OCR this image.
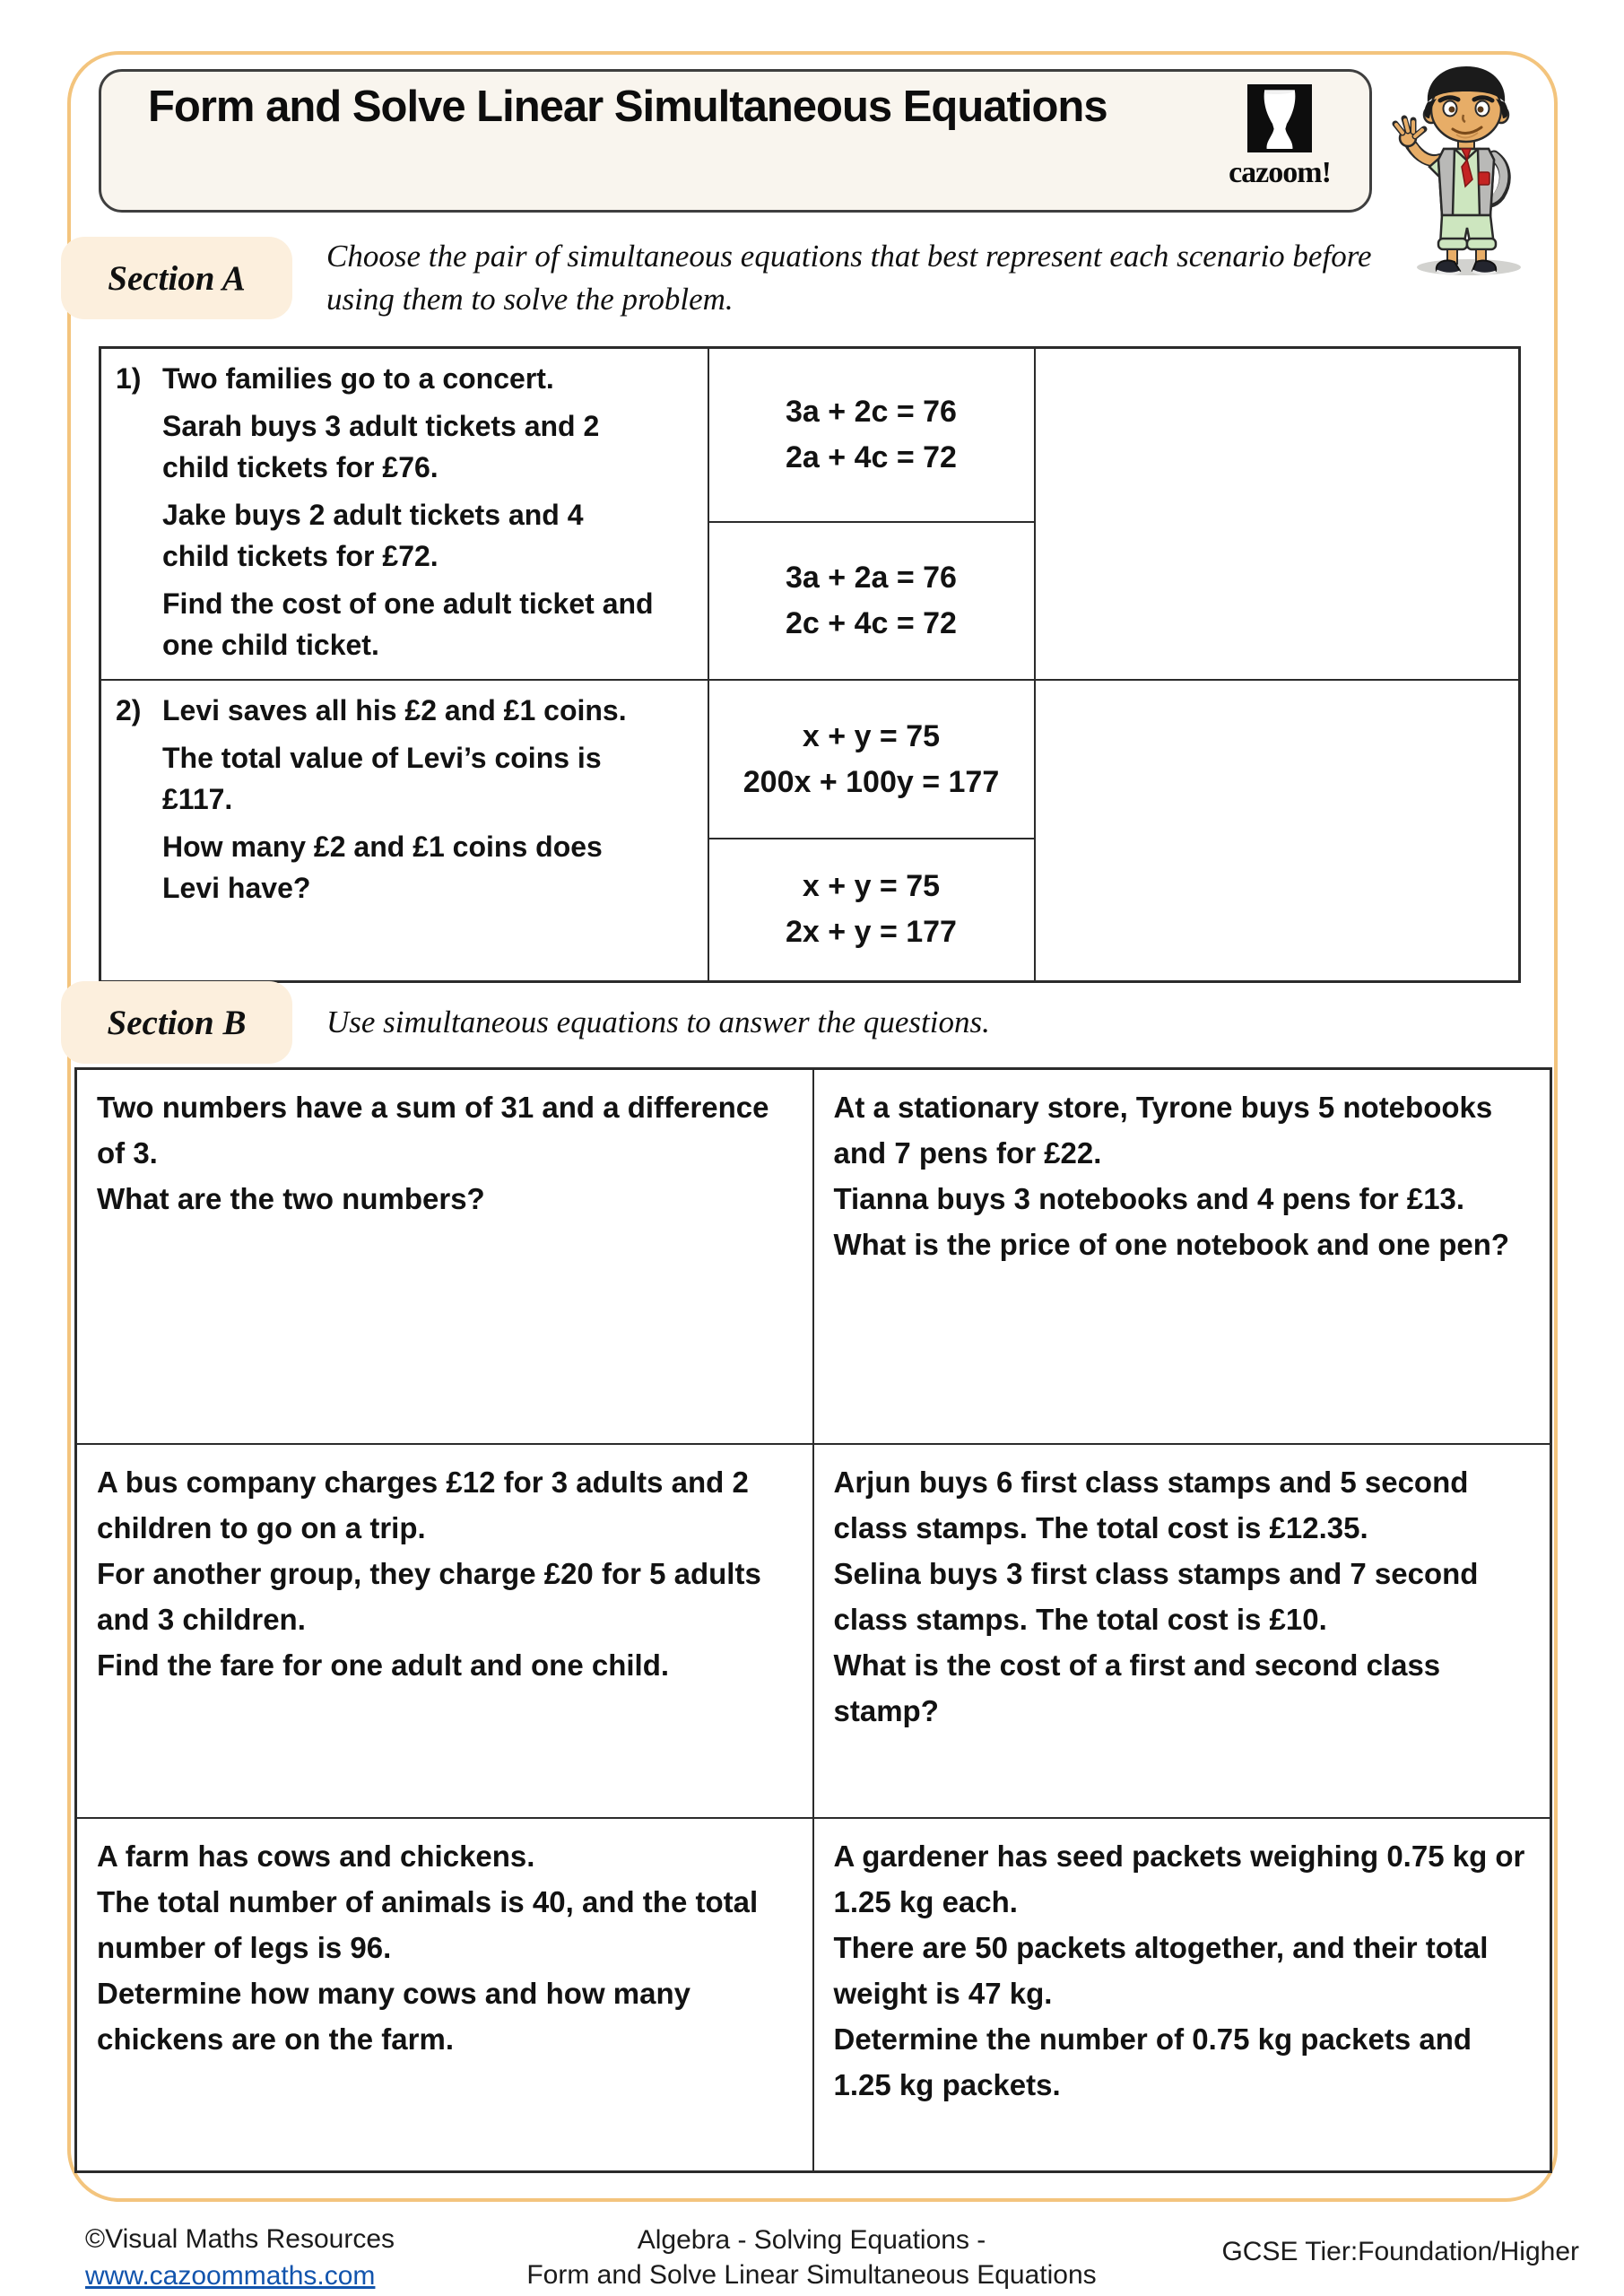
Form and Solve Linear Simultaneous Equations
cazoom!
Section A
Choose the pair of simultaneous equations that best represent each scenario before using them to solve the problem.
1) Two families go to a concert.
Sarah buys 3 adult tickets and 2 child tickets for £76.
Jake buys 2 adult tickets and 4 child tickets for £72.
Find the cost of one adult ticket and one child ticket.

3a + 2c = 76
2a + 4c = 72

	3a + 2a = 76
2c + 4c = 72	

2) Levi saves all his £2 and £1 coins.
The total value of Levi’s coins is £117.
How many £2 and £1 coins does Levi have?

x + y = 75
200x + 100y = 177

	x + y = 75
2x + y = 177	
Section B	Use simultaneous equations to answer the questions.
Two numbers have a sum of 31 and a difference of 3.
What are the two numbers?

At a stationary store, Tyrone buys 5 notebooks and 7 pens for £22.
Tianna buys 3 notebooks and 4 pens for £13.
What is the price of one notebook and one pen?

A bus company charges £12 for 3 adults and 2 children to go on a trip.
For another group, they charge £20 for 5 adults and 3 children.
Find the fare for one adult and one child.

Arjun buys 6 first class stamps and 5 second class stamps. The total cost is £12.35.
Selina buys 3 first class stamps and 7 second class stamps. The total cost is £10.
What is the cost of a first and second class stamp?

A farm has cows and chickens.
The total number of animals is 40, and the total number of legs is 96.
Determine how many cows and how many chickens are on the farm.

A gardener has seed packets weighing 0.75 kg or 1.25 kg each.
There are 50 packets altogether, and their total weight is 47 kg.
Determine the number of 0.75 kg packets and 1.25 kg packets.
©Visual Maths Resources
www.cazoommaths.com
Algebra - Solving Equations -
Form and Solve Linear Simultaneous Equations
GCSE Tier:Foundation/Higher
